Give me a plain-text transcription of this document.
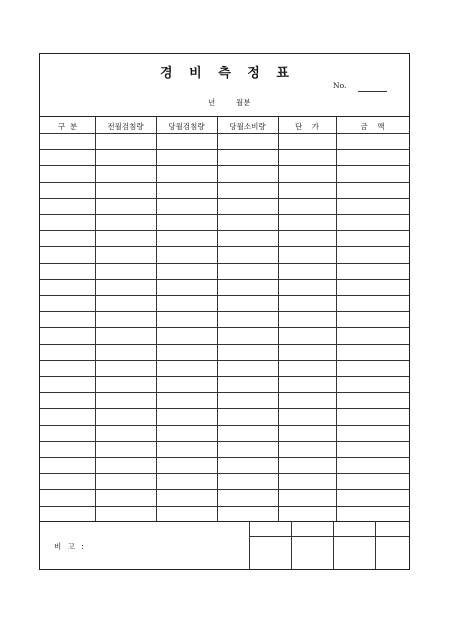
경 비 측 정 표
No.
년	월분
구  분	전월검침량	당월검침량	당월소비량	단    가	금    액
비 고 :
